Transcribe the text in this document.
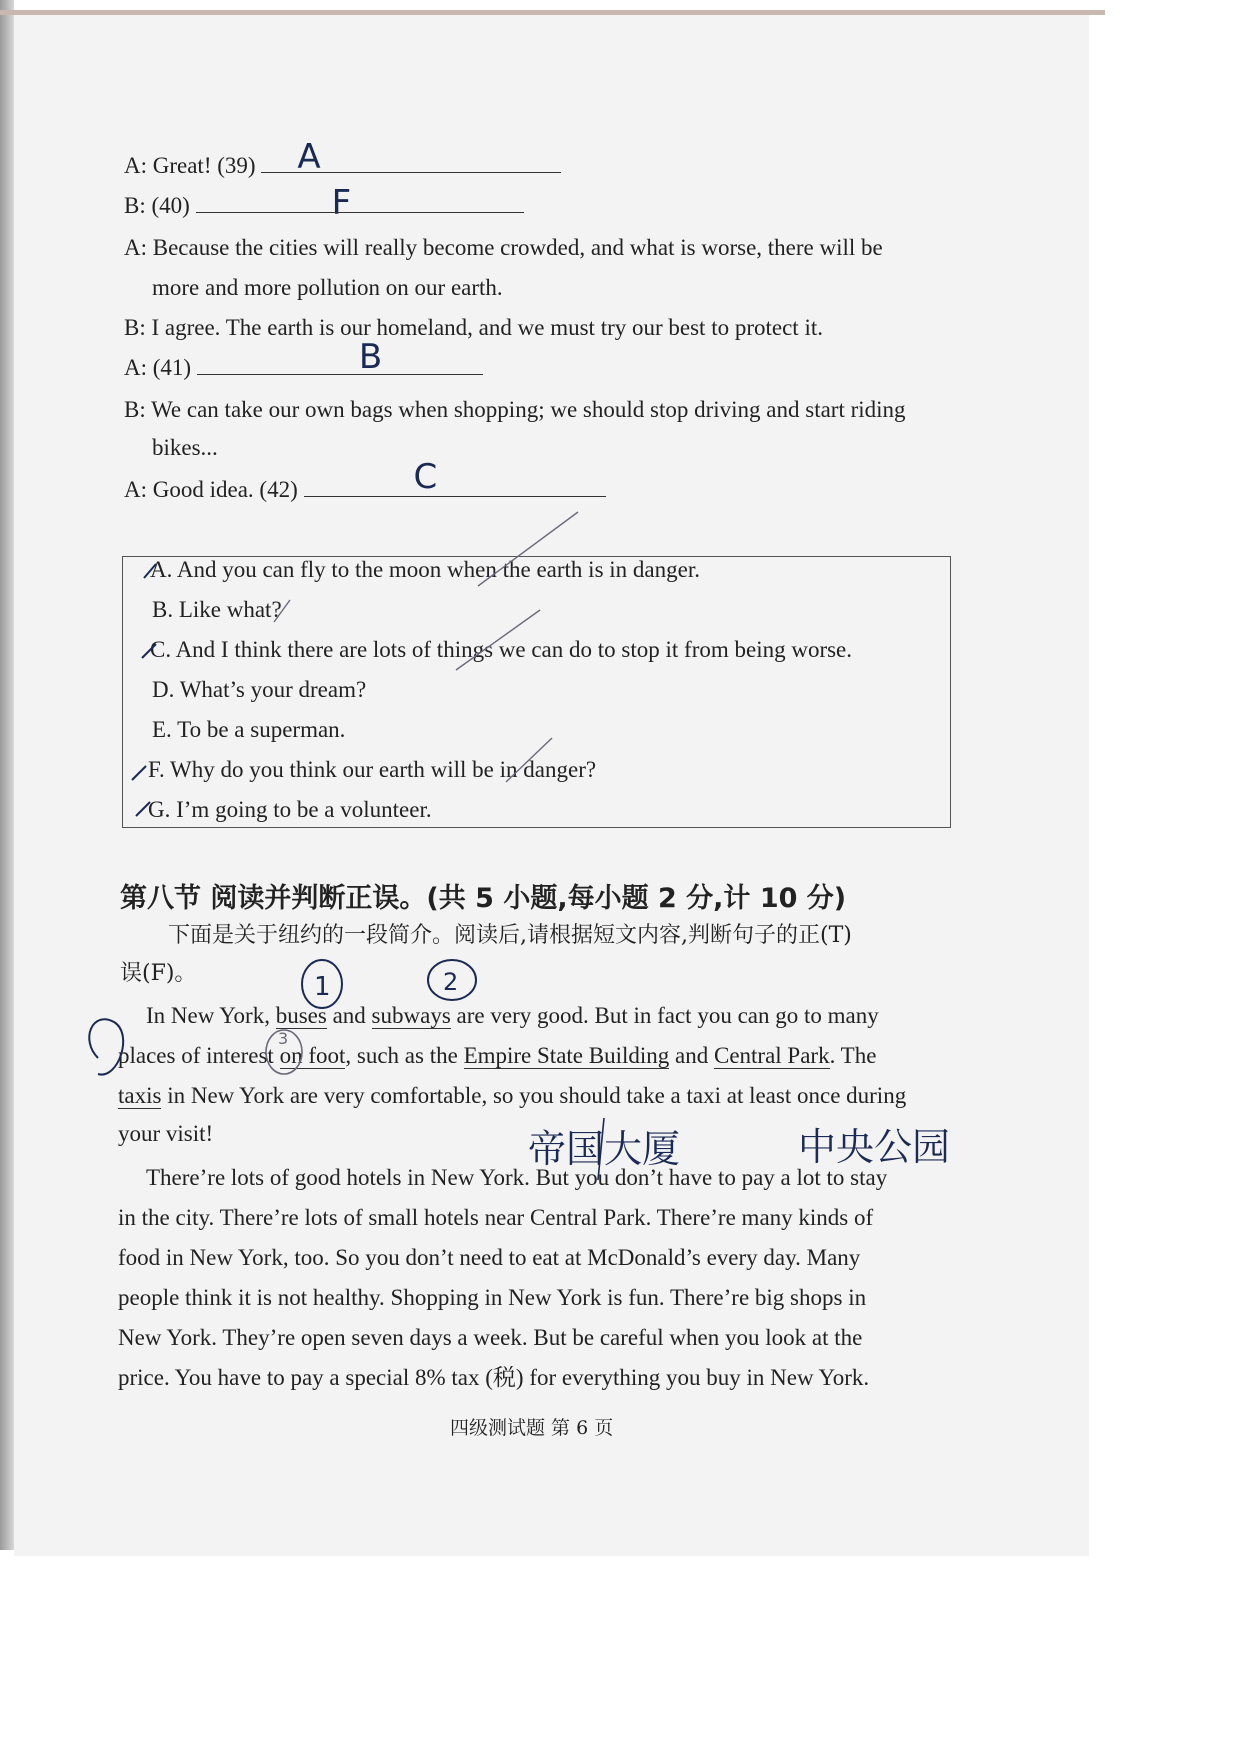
A: Great! (39) A
B: (40)	F
A: Because the cities will really become crowded, and what is worse, there will be
more and more pollution on our earth.
B: I agree. The earth is our homeland, and we must try our best to protect it.
A: (41)	B
B: We can take our own bags when shopping; we should stop driving and start riding
bikes...
A: Good idea. (42)	C
A. And you can fly to the moon when the earth is in danger.
B. Like what?
C. And I think there are lots of things we can do to stop it from being worse.
D. What’s your dream?
E. To be a superman.
F. Why do you think our earth will be in danger?
G. I’m going to be a volunteer.
第八节 阅读并判断正误。(共 5 小题,每小题 2 分,计 10 分)
下面是关于纽约的一段简介。阅读后,请根据短文内容,判断句子的正(T)
误(F)。
In New York, buses and subways are very good. But in fact you can go to many
places of interest on foot, such as the Empire State Building and Central Park. The
taxis in New York are very comfortable, so you should take a taxi at least once during
your visit!
There’re lots of good hotels in New York. But you don’t have to pay a lot to stay
in the city. There’re lots of small hotels near Central Park. There’re many kinds of
food in New York, too. So you don’t need to eat at McDonald’s every day. Many
people think it is not healthy. Shopping in New York is fun. There’re big shops in
New York. They’re open seven days a week. But be careful when you look at the
price. You have to pay a special 8% tax (税) for everything you buy in New York.
帝国大厦	中央公园
1	2
3
四级测试题 第 6 页
